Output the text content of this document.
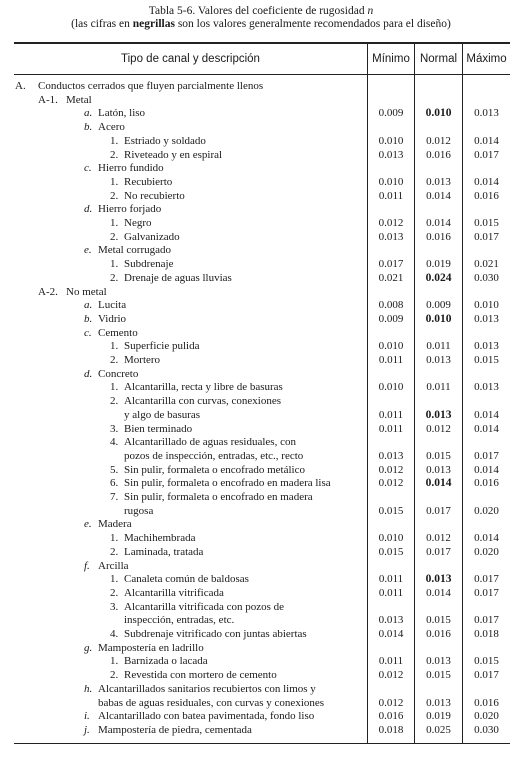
Tabla 5-6. Valores del coeficiente de rugosidad n
(las cifras en negrillas son los valores generalmente recomendados para el diseño)
Tipo de canal y descripción	Mínimo Normal Máximo
A. Conductos cerrados que fluyen parcialmente llenos
A-1. Metal
a. Latón, liso	0.009	0.010	0.013
b. Acero
1. Estriado y soldado	0.010	0.012	0.014
2. Riveteado y en espiral	0.013	0.016	0.017
c. Hierro fundido
1. Recubierto	0.010	0.013	0.014
2. No recubierto	0.011	0.014	0.016
d. Hierro forjado
1. Negro	0.012	0.014	0.015
2. Galvanizado	0.013	0.016	0.017
e. Metal corrugado
1. Subdrenaje	0.017	0.019	0.021
2. Drenaje de aguas lluvias	0.021	0.024	0.030
A-2. No metal
a. Lucita	0.008	0.009	0.010
b. Vidrio	0.009	0.010	0.013
c. Cemento
1. Superficie pulida	0.010	0.011	0.013
2. Mortero	0.011	0.013	0.015
d. Concreto
1. Alcantarilla, recta y libre de basuras	0.010	0.011	0.013
2. Alcantarilla con curvas, conexiones
y algo de basuras	0.011	0.013	0.014
3. Bien terminado	0.011	0.012	0.014
4. Alcantarillado de aguas residuales, con
pozos de inspección, entradas, etc., recto	0.013	0.015	0.017
5. Sin pulir, formaleta o encofrado metálico	0.012	0.013	0.014
6. Sin pulir, formaleta o encofrado en madera lisa	0.012	0.014	0.016
7. Sin pulir, formaleta o encofrado en madera
rugosa	0.015	0.017	0.020
e. Madera
1. Machihembrada	0.010	0.012	0.014
2. Laminada, tratada	0.015	0.017	0.020
f. Arcilla
1. Canaleta común de baldosas	0.011	0.013	0.017
2. Alcantarilla vitrificada	0.011	0.014	0.017
3. Alcantarilla vitrificada con pozos de
inspección, entradas, etc.	0.013	0.015	0.017
4. Subdrenaje vitrificado con juntas abiertas	0.014	0.016	0.018
g. Mampostería en ladrillo
1. Barnizada o lacada	0.011	0.013	0.015
2. Revestida con mortero de cemento	0.012	0.015	0.017
h. Alcantarillados sanitarios recubiertos con limos y
babas de aguas residuales, con curvas y conexiones	0.012	0.013	0.016
i. Alcantarillado con batea pavimentada, fondo liso	0.016	0.019	0.020
j. Mampostería de piedra, cementada	0.018	0.025	0.030
